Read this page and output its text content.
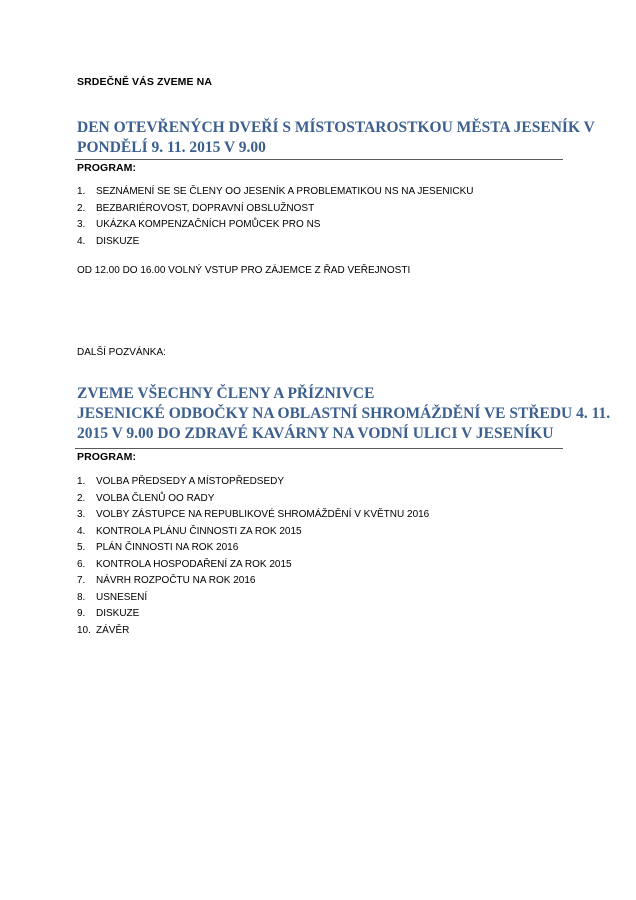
SRDEČNĚ VÁS ZVEME NA
DEN OTEVŘENÝCH DVEŘÍ S MÍSTOSTAROSTKOU MĚSTA JESENÍK V
PONDĚLÍ 9. 11. 2015 V 9.00
PROGRAM:
1. SEZNÁMENÍ SE SE ČLENY OO JESENÍK A PROBLEMATIKOU NS NA JESENICKU
2. BEZBARIÉROVOST, DOPRAVNÍ OBSLUŽNOST
3. UKÁZKA KOMPENZAČNÍCH POMŮCEK PRO NS
4. DISKUZE
OD 12.00 DO 16.00 VOLNÝ VSTUP PRO ZÁJEMCE Z ŘAD VEŘEJNOSTI
DALŠÍ POZVÁNKA:
ZVEME VŠECHNY ČLENY A PŘÍZNIVCE
JESENICKÉ ODBOČKY NA OBLASTNÍ SHROMÁŽDĚNÍ VE STŘEDU 4. 11.
2015 V 9.00 DO ZDRAVÉ KAVÁRNY NA VODNÍ ULICI V JESENÍKU
PROGRAM:
1. VOLBA PŘEDSEDY A MÍSTOPŘEDSEDY
2. VOLBA ČLENŮ OO RADY
3. VOLBY ZÁSTUPCE NA REPUBLIKOVÉ SHROMÁŽDĚNÍ V KVĚTNU 2016
4. KONTROLA PLÁNU ČINNOSTI ZA ROK 2015
5. PLÁN ČINNOSTI NA ROK 2016
6. KONTROLA HOSPODAŘENÍ ZA ROK 2015
7. NÁVRH ROZPOČTU NA ROK 2016
8. USNESENÍ
9. DISKUZE
10. ZÁVĚR
